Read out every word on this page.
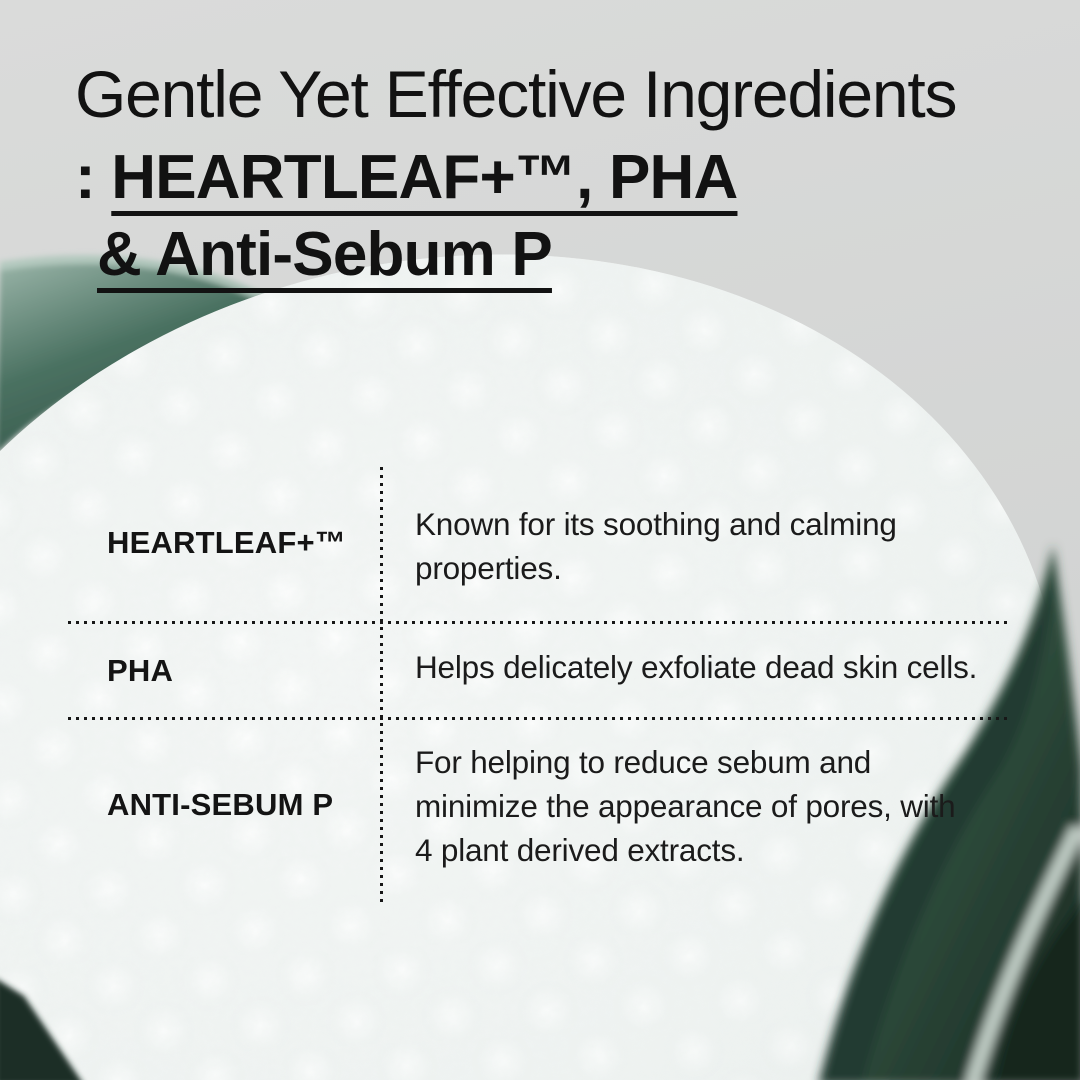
Gentle Yet Effective Ingredients
: HEARTLEAF+™, PHA
& Anti-Sebum P
HEARTLEAF+™
Known for its soothing and calming properties.
PHA	Helps delicately exfoliate dead skin cells.
ANTI-SEBUM P
For helping to reduce sebum and minimize the appearance of pores, with 4 plant derived extracts.
